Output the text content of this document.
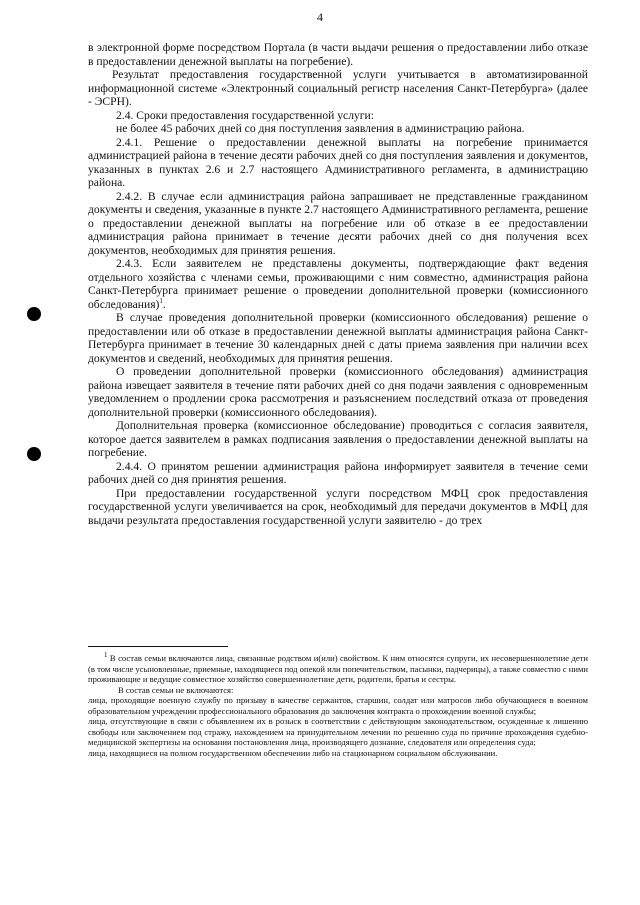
4

в электронной форме посредством Портала (в части выдачи решения о предоставлении либо отказе в предоставлении денежной выплаты на погребение).

Результат предоставления государственной услуги учитывается в автоматизированной информационной системе «Электронный социальный регистр населения Санкт-Петербурга» (далее - ЭСРН).

2.4. Сроки предоставления государственной услуги:

не более 45 рабочих дней со дня поступления заявления в администрацию района.

2.4.1. Решение о предоставлении денежной выплаты на погребение принимается администрацией района в течение десяти рабочих дней со дня поступления заявления и документов, указанных в пунктах 2.6 и 2.7 настоящего Административного регламента, в администрацию района.

2.4.2. В случае если администрация района запрашивает не представленные гражданином документы и сведения, указанные в пункте 2.7 настоящего Административного регламента, решение о предоставлении денежной выплаты на погребение или об отказе в ее предоставлении администрация района принимает в течение десяти рабочих дней со дня получения всех документов, необходимых для принятия решения.

2.4.3. Если заявителем не представлены документы, подтверждающие факт ведения отдельного хозяйства с членами семьи, проживающими с ним совместно, администрация района Санкт-Петербурга принимает решение о проведении дополнительной проверки (комиссионного обследования)$^1$.

В случае проведения дополнительной проверки (комиссионного обследования) решение о предоставлении или об отказе в предоставлении денежной выплаты администрация района Санкт-Петербурга принимает в течение 30 календарных дней с даты приема заявления при наличии всех документов и сведений, необходимых для принятия решения.

О проведении дополнительной проверки (комиссионного обследования) администрация района извещает заявителя в течение пяти рабочих дней со дня подачи заявления с одновременным уведомлением о продлении срока рассмотрения и разъяснением последствий отказа от проведения дополнительной проверки (комиссионного обследования).

Дополнительная проверка (комиссионное обследование) проводиться с согласия заявителя, которое дается заявителем в рамках подписания заявления о предоставлении денежной выплаты на погребение.

2.4.4. О принятом решении администрация района информирует заявителя в течение семи рабочих дней со дня принятия решения.

При предоставлении государственной услуги посредством МФЦ срок предоставления государственной услуги увеличивается на срок, необходимый для передачи документов в МФЦ для выдачи результата предоставления государственной услуги заявителю - до трех

$^1$ В состав семьи включаются лица, связанные родством и(или) свойством. К ним относятся супруги, их несовершеннолетние дети (в том числе усыновленные, приемные, находящиеся под опекой или попечительством, пасынки, падчерицы), а также совместно с ними проживающие и ведущие совместное хозяйство совершеннолетние дети, родители, братья и сестры.

В состав семьи не включаются:

лица, проходящие военную службу по призыву в качестве сержантов, старшин, солдат или матросов либо обучающиеся в военном образовательном учреждении профессионального образования до заключения контракта о прохождении военной службы;

лица, отсутствующие в связи с объявлением их в розыск в соответствии с действующим законодательством, осужденные к лишению свободы или заключением под стражу, нахождением на принудительном лечении по решению суда по причине прохождения судебно-медицинской экспертизы на основании постановления лица, производящего дознание, следователя или определения суда;

лица, находящиеся на полном государственном обеспечении либо на стационарном социальном обслуживании.
